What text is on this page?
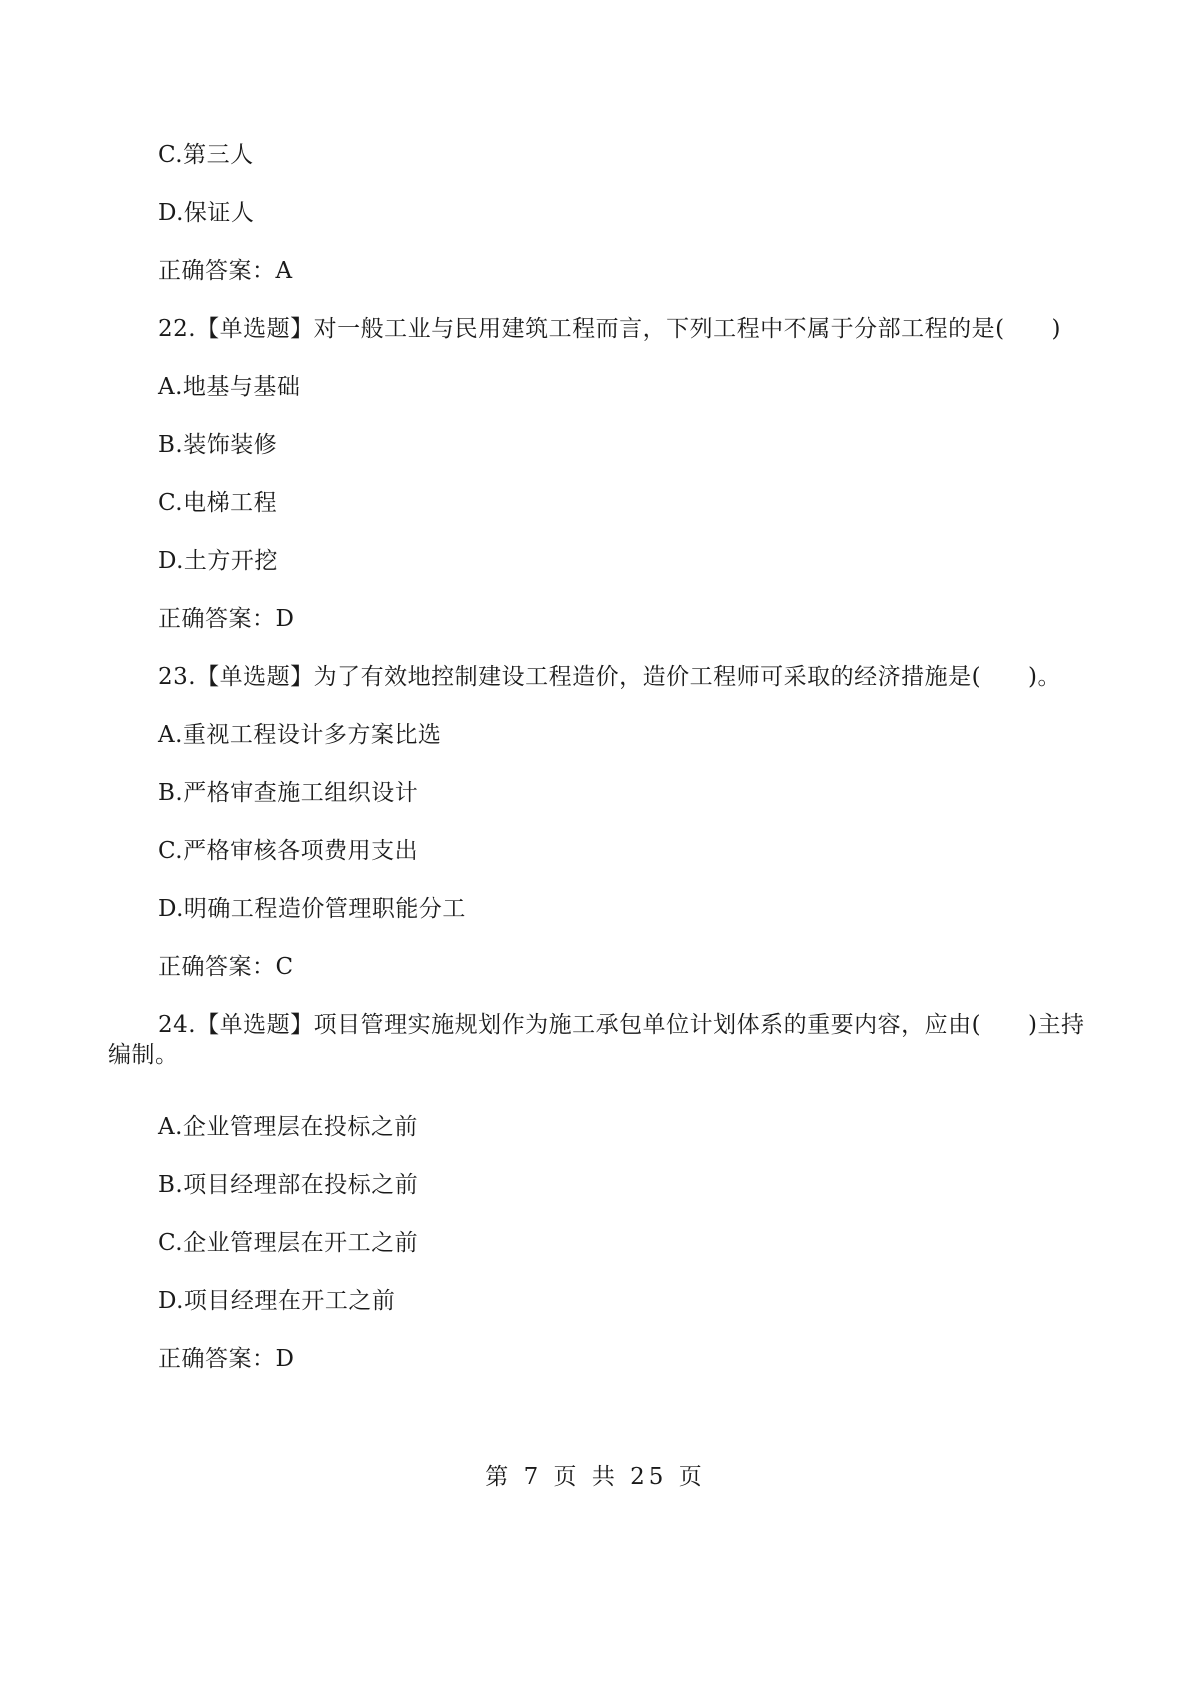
C.第三人
D.保证人
正确答案：A
22.【单选题】对一般工业与民用建筑工程而言，下列工程中不属于分部工程的是(　　)
A.地基与基础
B.装饰装修
C.电梯工程
D.土方开挖
正确答案：D
23.【单选题】为了有效地控制建设工程造价，造价工程师可采取的经济措施是(　　)。
A.重视工程设计多方案比选
B.严格审查施工组织设计
C.严格审核各项费用支出
D.明确工程造价管理职能分工
正确答案：C
24.【单选题】项目管理实施规划作为施工承包单位计划体系的重要内容，应由(　　)主持
编制。
A.企业管理层在投标之前
B.项目经理部在投标之前
C.企业管理层在开工之前
D.项目经理在开工之前
正确答案：D
第 7 页 共 25 页
